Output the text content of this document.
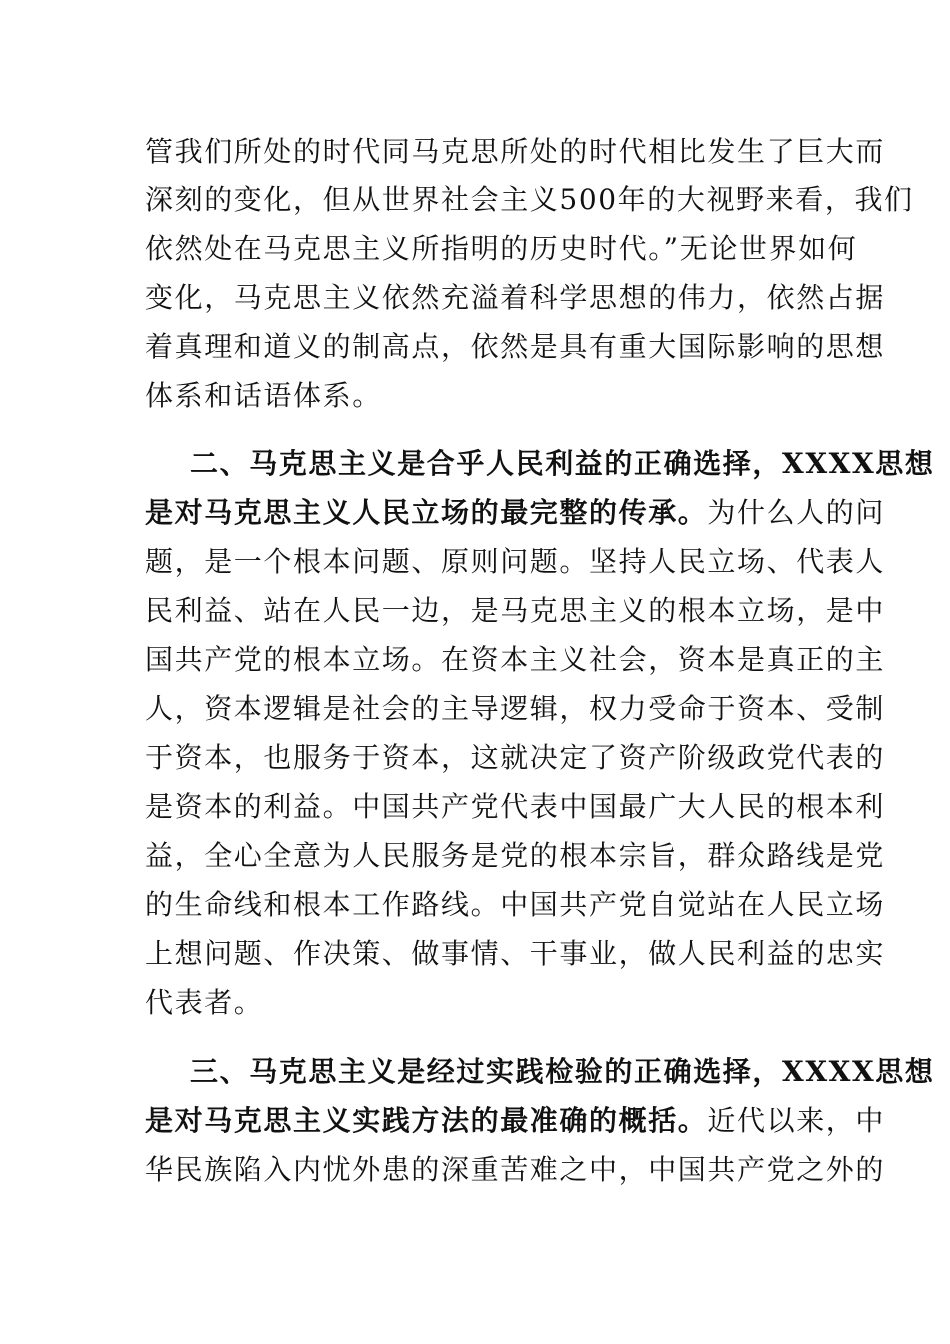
管我们所处的时代同马克思所处的时代相比发生了巨大而
深刻的变化，但从世界社会主义500年的大视野来看，我们
依然处在马克思主义所指明的历史时代。”无论世界如何
变化，马克思主义依然充溢着科学思想的伟力，依然占据
着真理和道义的制高点，依然是具有重大国际影响的思想
体系和话语体系。
二、马克思主义是合乎人民利益的正确选择，XXXX思想
是对马克思主义人民立场的最完整的传承。为什么人的问
题，是一个根本问题、原则问题。坚持人民立场、代表人
民利益、站在人民一边，是马克思主义的根本立场，是中
国共产党的根本立场。在资本主义社会，资本是真正的主
人，资本逻辑是社会的主导逻辑，权力受命于资本、受制
于资本，也服务于资本，这就决定了资产阶级政党代表的
是资本的利益。中国共产党代表中国最广大人民的根本利
益，全心全意为人民服务是党的根本宗旨，群众路线是党
的生命线和根本工作路线。中国共产党自觉站在人民立场
上想问题、作决策、做事情、干事业，做人民利益的忠实
代表者。
三、马克思主义是经过实践检验的正确选择，XXXX思想
是对马克思主义实践方法的最准确的概括。近代以来，中
华民族陷入内忧外患的深重苦难之中，中国共产党之外的
